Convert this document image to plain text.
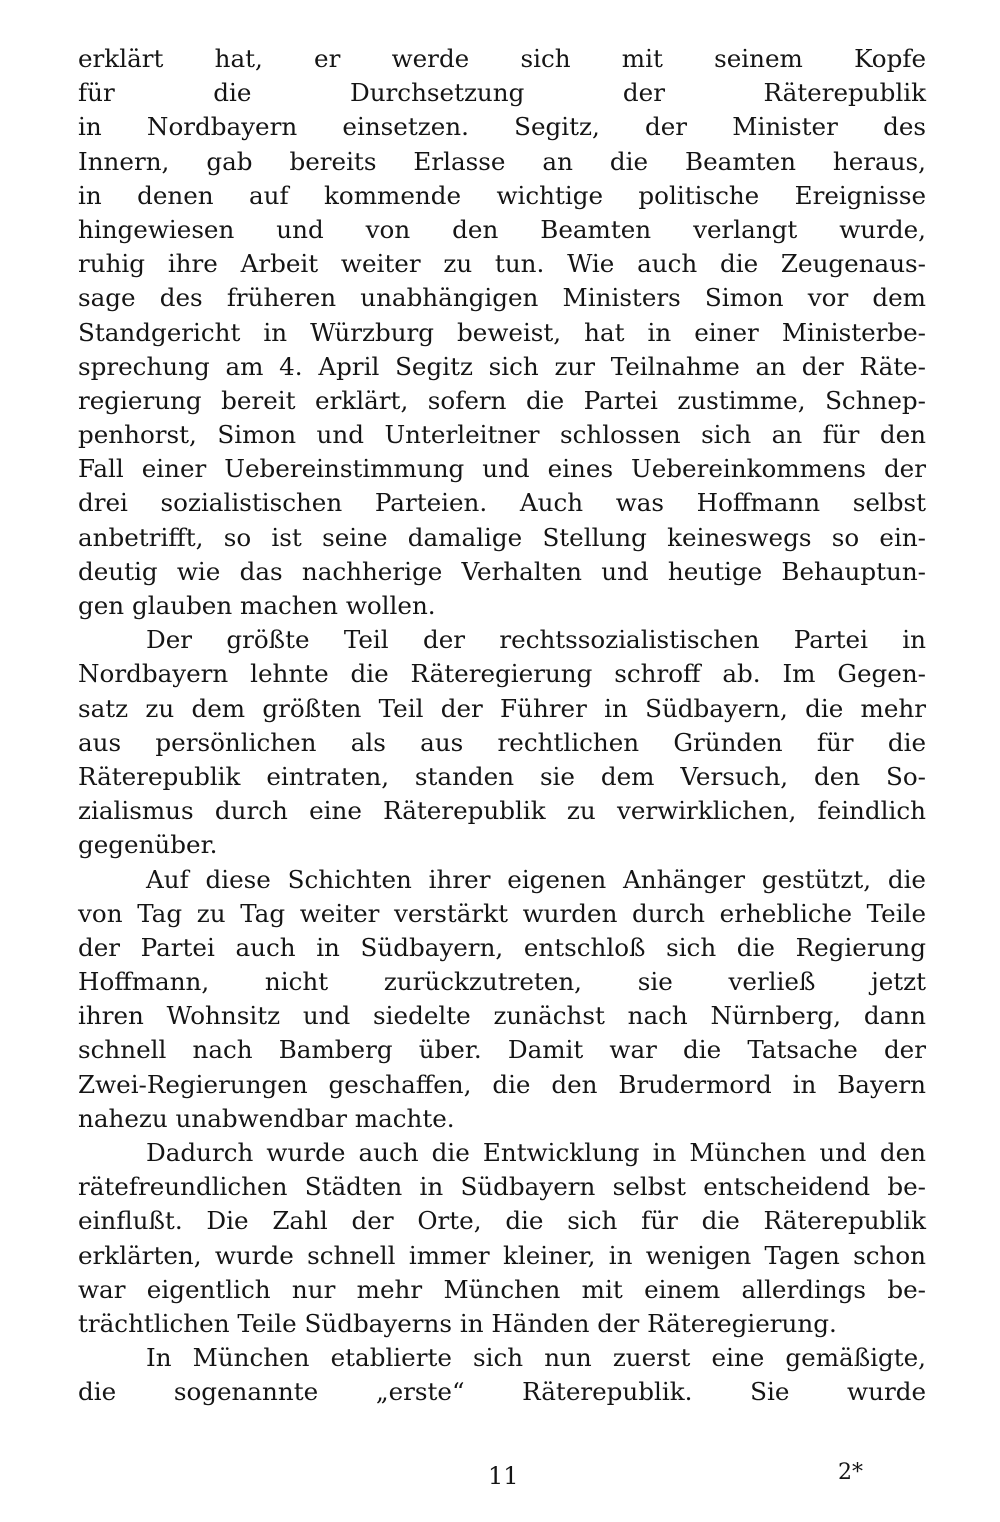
erklärt hat, er werde sich mit seinem Kopfe
für die Durchsetzung der Räterepublik
in Nordbayern einsetzen. Segitz, der Minister des
Innern, gab bereits Erlasse an die Beamten heraus,
in denen auf kommende wichtige politische Ereignisse
hingewiesen und von den Beamten verlangt wurde,
ruhig ihre Arbeit weiter zu tun. Wie auch die Zeugenaus-
sage des früheren unabhängigen Ministers Simon vor dem
Standgericht in Würzburg beweist, hat in einer Ministerbe-
sprechung am 4. April Segitz sich zur Teilnahme an der Räte-
regierung bereit erklärt, sofern die Partei zustimme, Schnep-
penhorst, Simon und Unterleitner schlossen sich an für den
Fall einer Uebereinstimmung und eines Uebereinkommens der
drei sozialistischen Parteien. Auch was Hoffmann selbst
anbetrifft, so ist seine damalige Stellung keineswegs so ein-
deutig wie das nachherige Verhalten und heutige Behauptun-
gen glauben machen wollen.
Der größte Teil der rechtssozialistischen Partei in
Nordbayern lehnte die Räteregierung schroff ab. Im Gegen-
satz zu dem größten Teil der Führer in Südbayern, die mehr
aus persönlichen als aus rechtlichen Gründen für die
Räterepublik eintraten, standen sie dem Versuch, den So-
zialismus durch eine Räterepublik zu verwirklichen, feindlich
gegenüber.
Auf diese Schichten ihrer eigenen Anhänger gestützt, die
von Tag zu Tag weiter verstärkt wurden durch erhebliche Teile
der Partei auch in Südbayern, entschloß sich die Regierung
Hoffmann, nicht zurückzutreten, sie verließ jetzt
ihren Wohnsitz und siedelte zunächst nach Nürnberg, dann
schnell nach Bamberg über. Damit war die Tatsache der
Zwei-Regierungen geschaffen, die den Brudermord in Bayern
nahezu unabwendbar machte.
Dadurch wurde auch die Entwicklung in München und den
rätefreundlichen Städten in Südbayern selbst entscheidend be-
einflußt. Die Zahl der Orte, die sich für die Räterepublik
erklärten, wurde schnell immer kleiner, in wenigen Tagen schon
war eigentlich nur mehr München mit einem allerdings be-
trächtlichen Teile Südbayerns in Händen der Räteregierung.
In München etablierte sich nun zuerst eine gemäßigte,
die sogenannte „erste“ Räterepublik. Sie wurde
11	2*
